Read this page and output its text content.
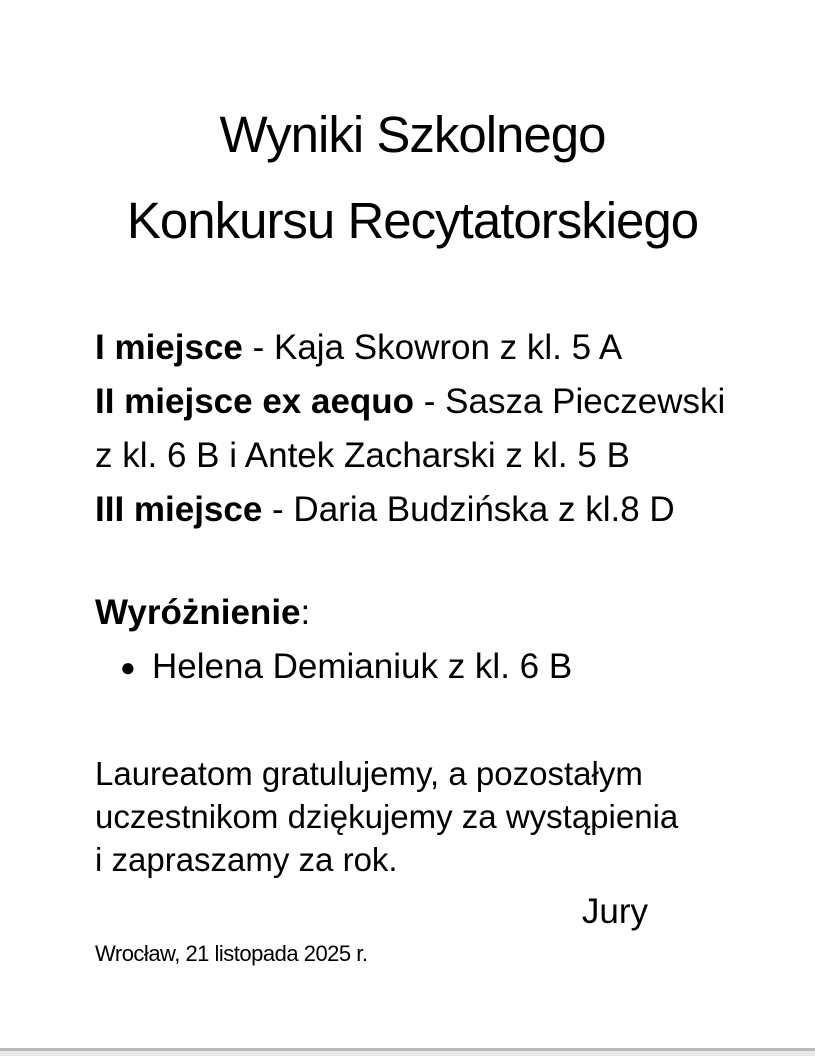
Wyniki Szkolnego
Konkursu Recytatorskiego
I miejsce - Kaja Skowron z kl. 5 A
II miejsce ex aequo - Sasza Pieczewski
z kl. 6 B i Antek Zacharski z kl. 5 B
III miejsce - Daria Budzińska z kl.8 D
Wyróżnienie:
● Helena Demianiuk z kl. 6 B
Laureatom gratulujemy, a pozostałym
uczestnikom dziękujemy za wystąpienia
i zapraszamy za rok.
Jury
Wrocław, 21 listopada 2025 r.
